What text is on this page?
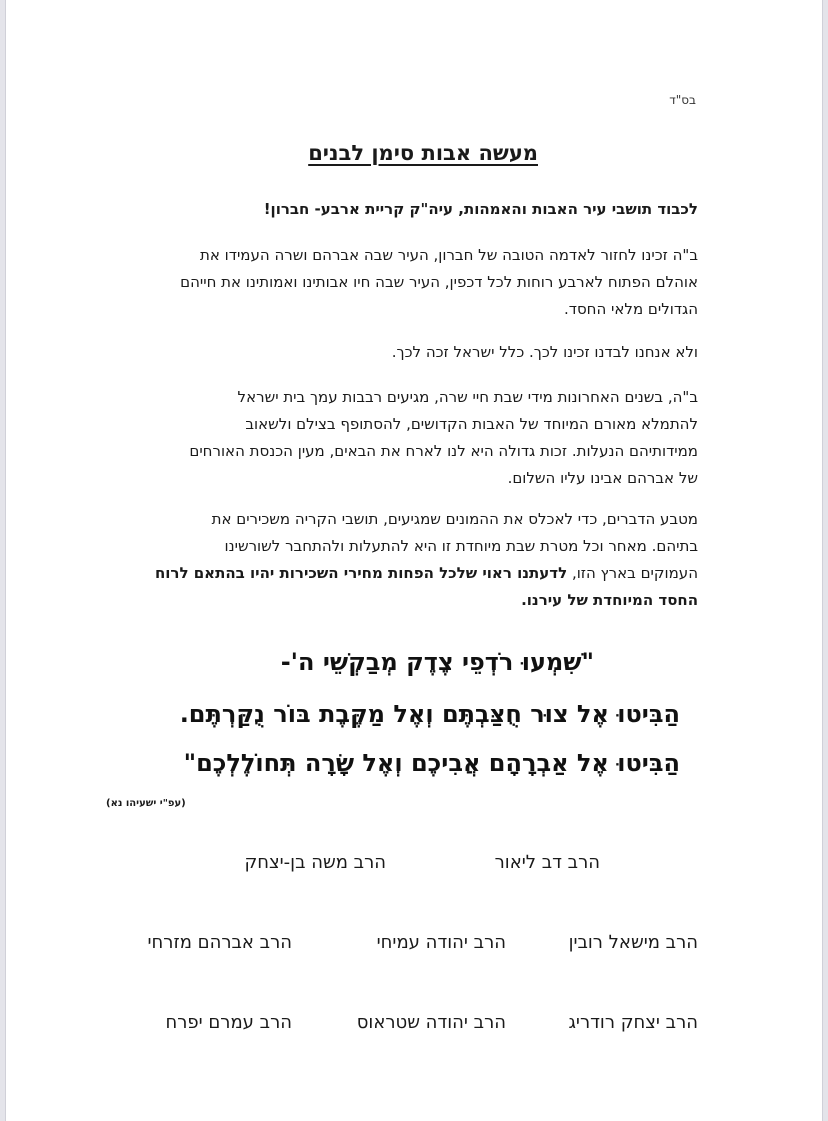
בס"ד
מעשה אבות סימן לבנים
לכבוד תושבי עיר האבות והאמהות, עיה"ק קריית ארבע- חברון!
ב"ה זכינו לחזור לאדמה הטובה של חברון, העיר שבה אברהם ושרה העמידו את
אוהלם הפתוח לארבע רוחות לכל דכפין, העיר שבה חיו אבותינו ואמותינו את חייהם
הגדולים מלאי החסד.
ולא אנחנו לבדנו זכינו לכך. כלל ישראל זכה לכך.
ב"ה, בשנים האחרונות מידי שבת חיי שרה, מגיעים רבבות עמך בית ישראל
להתמלא מאורם המיוחד של האבות הקדושים, להסתופף בצילם ולשאוב
ממידותיהם הנעלות. זכות גדולה היא לנו לארח את הבאים, מעין הכנסת האורחים
של אברהם אבינו עליו השלום.
מטבע הדברים, כדי לאכלס את ההמונים שמגיעים, תושבי הקריה משכירים את
בתיהם. מאחר וכל מטרת שבת מיוחדת זו היא להתעלות ולהתחבר לשורשינו
העמוקים בארץ הזו, לדעתנו ראוי שלכל הפחות מחירי השכירות יהיו בהתאם לרוח
החסד המיוחדת של עירנו.
"שִׁמְעוּ רֹדְפֵי צֶדֶק מְבַקְשֵׁי ה'-
הַבִּיטוּ אֶל צוּר חֻצַּבְתֶּם וְאֶל מַקֶּבֶת בּוֹר נֻקַּרְתֶּם.
הַבִּיטוּ אֶל אַבְרָהָם אֲבִיכֶם וְאֶל שָׂרָה תְּחוֹלֶלְכֶם"
(עפ"י ישעיהו נא)
הרב דב ליאור
הרב משה בן-יצחק
הרב מישאל רובין
הרב יהודה עמיחי
הרב אברהם מזרחי
הרב יצחק רודריג
הרב יהודה שטראוס
הרב עמרם יפרח
